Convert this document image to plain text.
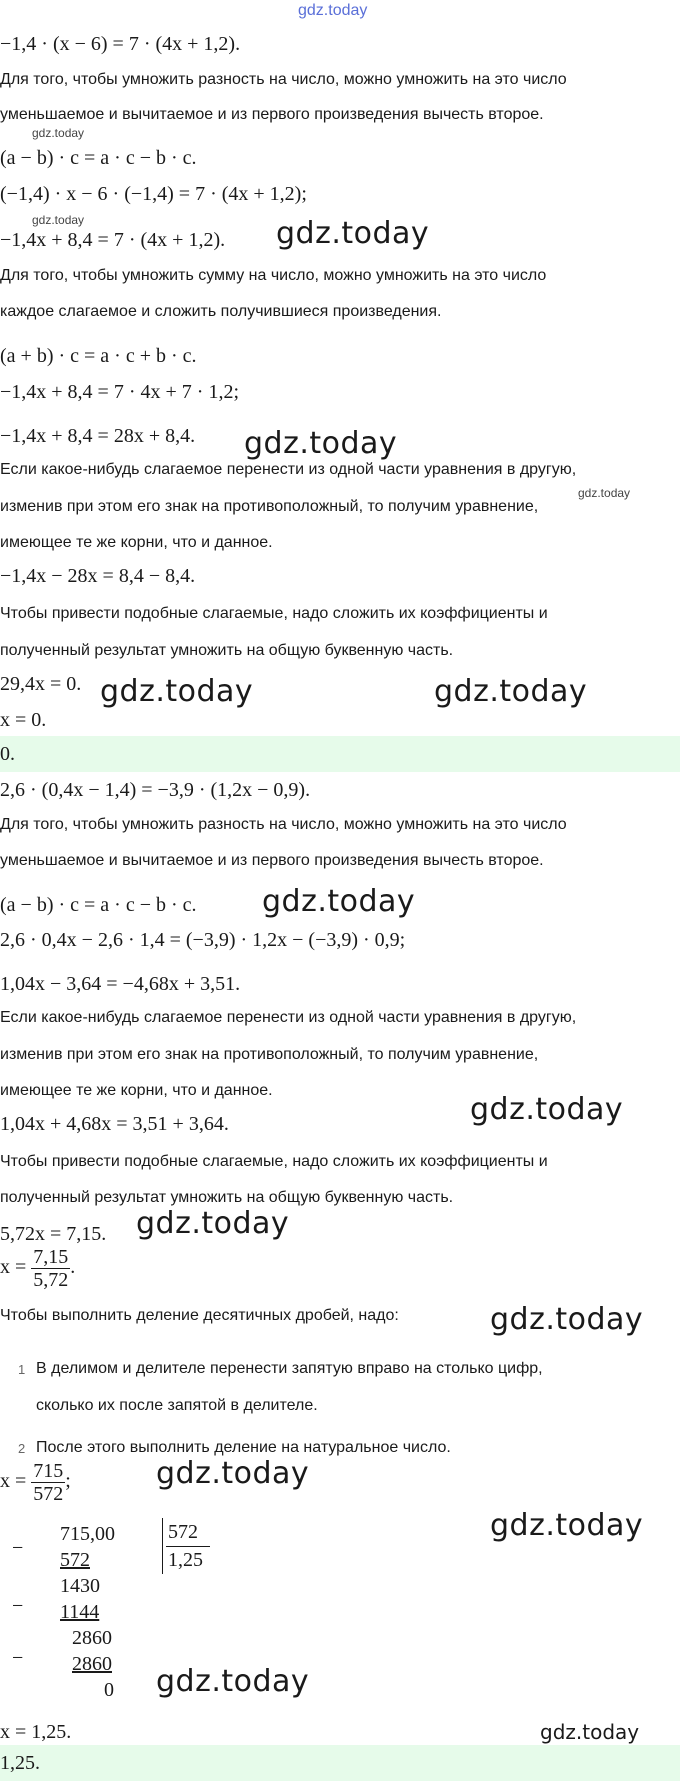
gdz.today
−1,4 · (x − 6) = 7 · (4x + 1,2).
Для того, чтобы умножить разность на число, можно умножить на это число
уменьшаемое и вычитаемое и из первого произведения вычесть второе.
gdz.today
(a − b) · c = a · c − b · c.
(−1,4) · x − 6 · (−1,4) = 7 · (4x + 1,2);
gdz.today
−1,4x + 8,4 = 7 · (4x + 1,2). gdz.today
Для того, чтобы умножить сумму на число, можно умножить на это число
каждое слагаемое и сложить получившиеся произведения.
(a + b) · c = a · c + b · c.
−1,4x + 8,4 = 7 · 4x + 7 · 1,2;
−1,4x + 8,4 = 28x + 8,4. gdz.today
Если какое-нибудь слагаемое перенести из одной части уравнения в другую,
gdz.today
изменив при этом его знак на противоположный, то получим уравнение,
имеющее те же корни, что и данное.
−1,4x − 28x = 8,4 − 8,4.
Чтобы привести подобные слагаемые, надо сложить их коэффициенты и
полученный результат умножить на общую буквенную часть.
29,4x = 0. gdz.today	gdz.today
x = 0.
0.
2,6 · (0,4x − 1,4) = −3,9 · (1,2x − 0,9).
Для того, чтобы умножить разность на число, можно умножить на это число
уменьшаемое и вычитаемое и из первого произведения вычесть второе.
(a − b) · c = a · c − b · c. gdz.today
2,6 · 0,4x − 2,6 · 1,4 = (−3,9) · 1,2x − (−3,9) · 0,9;
1,04x − 3,64 = −4,68x + 3,51.
Если какое-нибудь слагаемое перенести из одной части уравнения в другую,
изменив при этом его знак на противоположный, то получим уравнение,
имеющее те же корни, что и данное.
gdz.today
1,04x + 4,68x = 3,51 + 3,64.
Чтобы привести подобные слагаемые, надо сложить их коэффициенты и
полученный результат умножить на общую буквенную часть.
5,72x = 7,15. gdz.today
$x = \frac{7,15}{5,72}$ .
Чтобы выполнить деление десятичных дробей, надо:	gdz.today
1 В делимом и делителе перенести запятую вправо на столько цифр,
сколько их после запятой в делителе.
2 После этого выполнить деление на натуральное число.
$x = \frac{715}{572}$ ;	gdz.today
−
715,00	572
1,25
572
1430
− 1144
2860
− 2860
0
gdz.today
gdz.today
x = 1,25.	gdz.today
1,25.
